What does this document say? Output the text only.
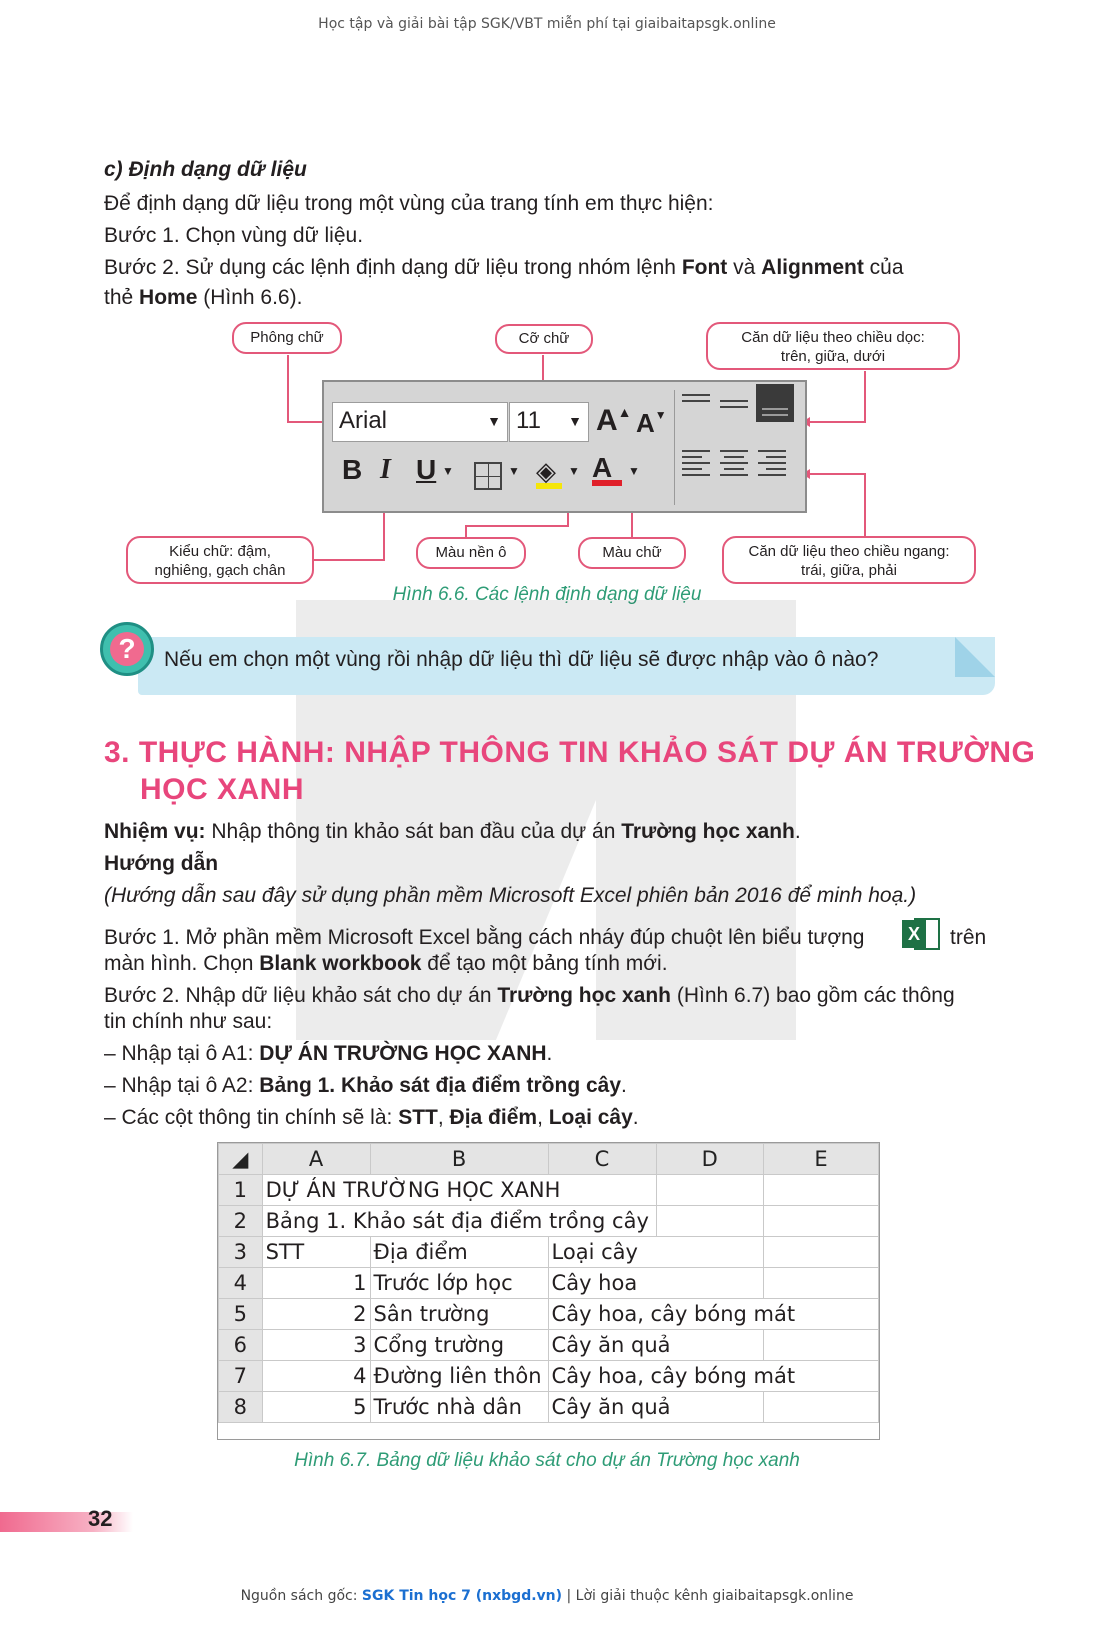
Học tập và giải bài tập SGK/VBT miễn phí tại giaibaitapsgk.online
c) Định dạng dữ liệu
Để định dạng dữ liệu trong một vùng của trang tính em thực hiện:
Bước 1. Chọn vùng dữ liệu.
Bước 2. Sử dụng các lệnh định dạng dữ liệu trong nhóm lệnh Font và Alignment của
thẻ Home (Hình 6.6).
Phông chữ	Cỡ chữ	Căn dữ liệu theo chiều dọc:
trên, giữa, dưới
Kiểu chữ: đậm,
nghiêng, gạch chân
Màu nền ô	Màu chữ	Căn dữ liệu theo chiều ngang:
trái, giữa, phải
Arial	▼ 11 ▼ A▲ A▼
B I U ▼	▼ ◈	▼ A	▼
Hình 6.6. Các lệnh định dạng dữ liệu
?	Nếu em chọn một vùng rồi nhập dữ liệu thì dữ liệu sẽ được nhập vào ô nào?
3. THỰC HÀNH: NHẬP THÔNG TIN KHẢO SÁT DỰ ÁN TRƯỜNG
HỌC XANH
Nhiệm vụ: Nhập thông tin khảo sát ban đầu của dự án Trường học xanh.
Hướng dẫn
(Hướng dẫn sau đây sử dụng phần mềm Microsoft Excel phiên bản 2016 để minh hoạ.)
Bước 1. Mở phần mềm Microsoft Excel bằng cách nháy đúp chuột lên biểu tượng	X trên
màn hình. Chọn Blank workbook để tạo một bảng tính mới.
Bước 2. Nhập dữ liệu khảo sát cho dự án Trường học xanh (Hình 6.7) bao gồm các thông
tin chính như sau:
– Nhập tại ô A1: DỰ ÁN TRƯỜNG HỌC XANH.
– Nhập tại ô A2: Bảng 1. Khảo sát địa điểm trồng cây.
– Các cột thông tin chính sẽ là: STT, Địa điểm, Loại cây.
◢	A	B	C	D	E
1	DỰ ÁN TRƯỜNG HỌC XANH				
2	Bảng 1. Khảo sát địa điểm trồng cây				
3	STT	Địa điểm	Loại cây		
4	1	Trước lớp học	Cây hoa		
5	2	Sân trường	Cây hoa, cây bóng mát		
6	3	Cổng trường	Cây ăn quả		
7	4	Đường liên thôn	Cây hoa, cây bóng mát		
8	5	Trước nhà dân	Cây ăn quả		
Hình 6.7. Bảng dữ liệu khảo sát cho dự án Trường học xanh
32
Nguồn sách gốc: SGK Tin học 7 (nxbgd.vn) | Lời giải thuộc kênh giaibaitapsgk.online
